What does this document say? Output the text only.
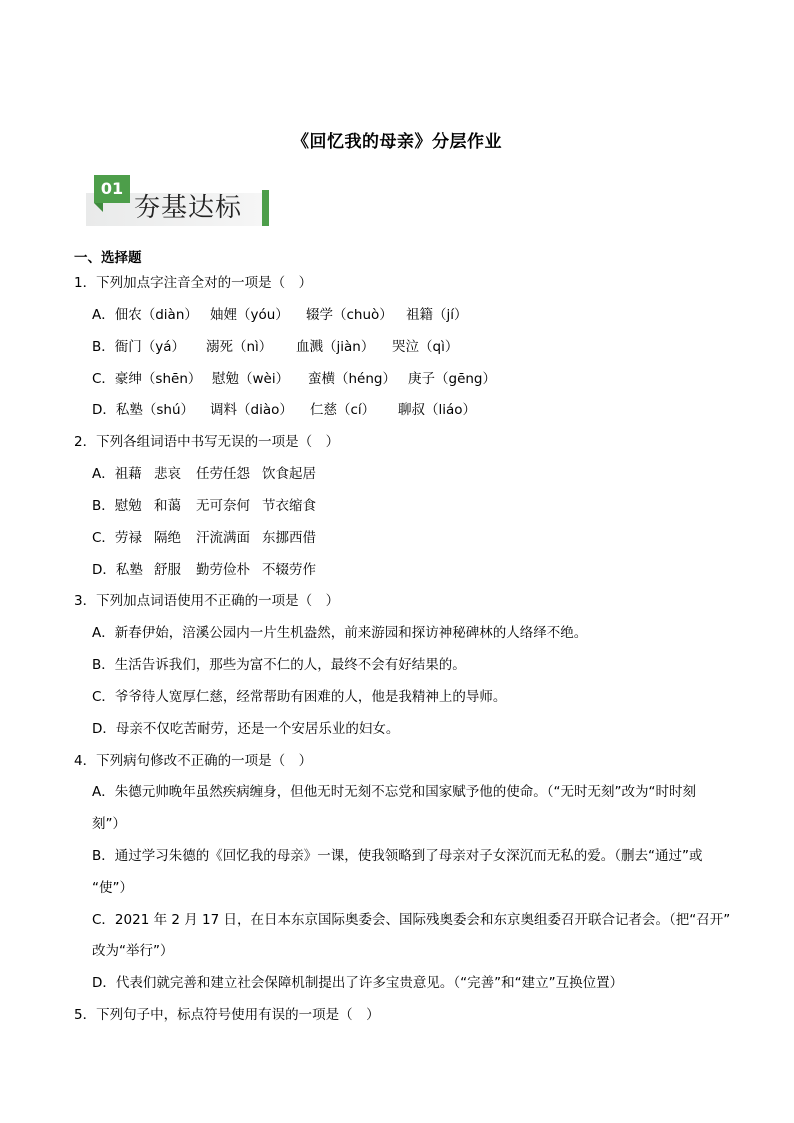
《回忆我的母亲》分层作业
01
夯基达标
一、选择题
1．下列加点字注音全对的一项是（　）
A．佃农（diàn） 妯娌（yóu） 辍学（chuò） 祖籍（jí）
B．衙门（yá） 溺死（nì） 血溅（jiàn） 哭泣（qì）
C．豪绅（shēn） 慰勉（wèi） 蛮横（héng） 庚子（gēng）
D．私塾（shú） 调料（diào） 仁慈（cí） 聊叔（liáo）
2．下列各组词语中书写无误的一项是（　）
A．祖藉 悲哀 任劳任怨 饮食起居
B．慰勉 和蔼 无可奈何 节衣缩食
C．劳禄 隔绝 汗流满面 东挪西借
D．私塾 舒服 勤劳俭朴 不辍劳作
3．下列加点词语使用不正确的一项是（　）
A．新春伊始，涪溪公园内一片生机盎然，前来游园和探访神秘碑林的人络绎不绝。
B．生活告诉我们，那些为富不仁的人，最终不会有好结果的。
C．爷爷待人宽厚仁慈，经常帮助有困难的人，他是我精神上的导师。
D．母亲不仅吃苦耐劳，还是一个安居乐业的妇女。
4．下列病句修改不正确的一项是（　）
A．朱德元帅晚年虽然疾病缠身，但他无时无刻不忘党和国家赋予他的使命。（“无时无刻”改为“时时刻
刻”）
B．通过学习朱德的《回忆我的母亲》一课，使我领略到了母亲对子女深沉而无私的爱。（删去“通过”或
“使”）
C．2021 年 2 月 17 日，在日本东京国际奥委会、国际残奥委会和东京奥组委召开联合记者会。（把“召开”
改为“举行”）
D．代表们就完善和建立社会保障机制提出了许多宝贵意见。（“完善”和“建立”互换位置）
5．下列句子中，标点符号使用有误的一项是（　）
